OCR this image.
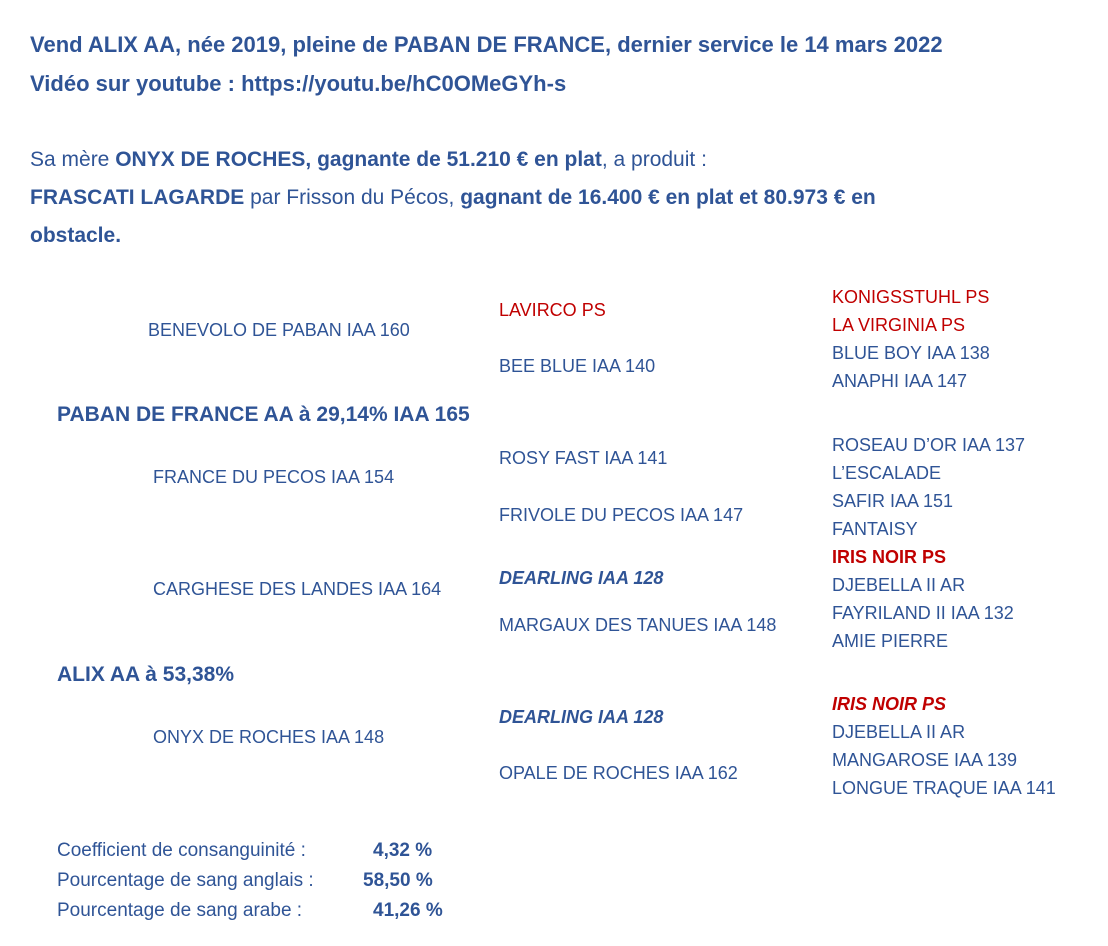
Vend ALIX AA, née 2019, pleine de PABAN DE FRANCE, dernier service le 14 mars 2022
Vidéo sur youtube : https://youtu.be/hC0OMeGYh-s
Sa mère ONYX DE ROCHES, gagnante de 51.210 € en plat, a produit :
FRASCATI LAGARDE par Frisson du Pécos, gagnant de 16.400 € en plat et 80.973 € en
obstacle.
BENEVOLO DE PABAN IAA 160
PABAN DE FRANCE AA à 29,14% IAA 165
FRANCE DU PECOS IAA 154
LAVIRCO PS
BEE BLUE IAA 140
ROSY FAST IAA 141
FRIVOLE DU PECOS IAA 147
KONIGSSTUHL PS
LA VIRGINIA PS
BLUE BOY IAA 138
ANAPHI IAA 147
ROSEAU D’OR IAA 137
L’ESCALADE
SAFIR IAA 151
FANTAISY
CARGHESE DES LANDES IAA 164
ALIX AA à 53,38%
ONYX DE ROCHES IAA 148
DEARLING IAA 128
MARGAUX DES TANUES IAA 148
DEARLING IAA 128
OPALE DE ROCHES IAA 162
IRIS NOIR PS
DJEBELLA II AR
FAYRILAND II IAA 132
AMIE PIERRE
IRIS NOIR PS
DJEBELLA II AR
MANGAROSE IAA 139
LONGUE TRAQUE IAA 141
Coefficient de consanguinité :	4,32 %
Pourcentage de sang anglais :	58,50 %
Pourcentage de sang arabe :	41,26 %
